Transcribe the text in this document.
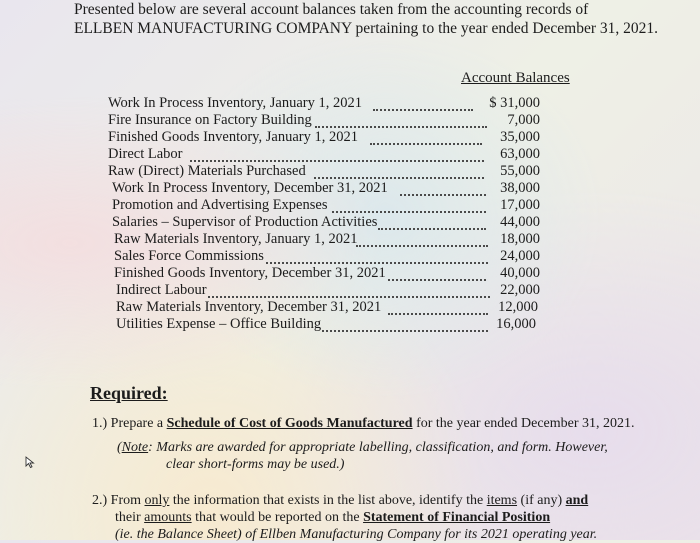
Presented below are several account balances taken from the accounting records of
ELLBEN MANUFACTURING COMPANY pertaining to the year ended December 31, 2021.
Account Balances
Work In Process Inventory, January 1, 2021	$ 31,000
Fire Insurance on Factory Building	7,000
Finished Goods Inventory, January 1, 2021	35,000
Direct Labor	63,000
Raw (Direct) Materials Purchased	55,000
Work In Process Inventory, December 31, 2021	38,000
Promotion and Advertising Expenses	17,000
Salaries – Supervisor of Production Activities	44,000
Raw Materials Inventory, January 1, 2021	18,000
Sales Force Commissions	24,000
Finished Goods Inventory, December 31, 2021	40,000
Indirect Labour	22,000
Raw Materials Inventory, December 31, 2021	12,000
Utilities Expense – Office Building	16,000
Required:
1.) Prepare a Schedule of Cost of Goods Manufactured for the year ended December 31, 2021.
(Note: Marks are awarded for appropriate labelling, classification, and form. However,
clear short-forms may be used.)
2.) From only the information that exists in the list above, identify the items (if any) and
their amounts that would be reported on the Statement of Financial Position
(ie. the Balance Sheet) of Ellben Manufacturing Company for its 2021 operating year.
